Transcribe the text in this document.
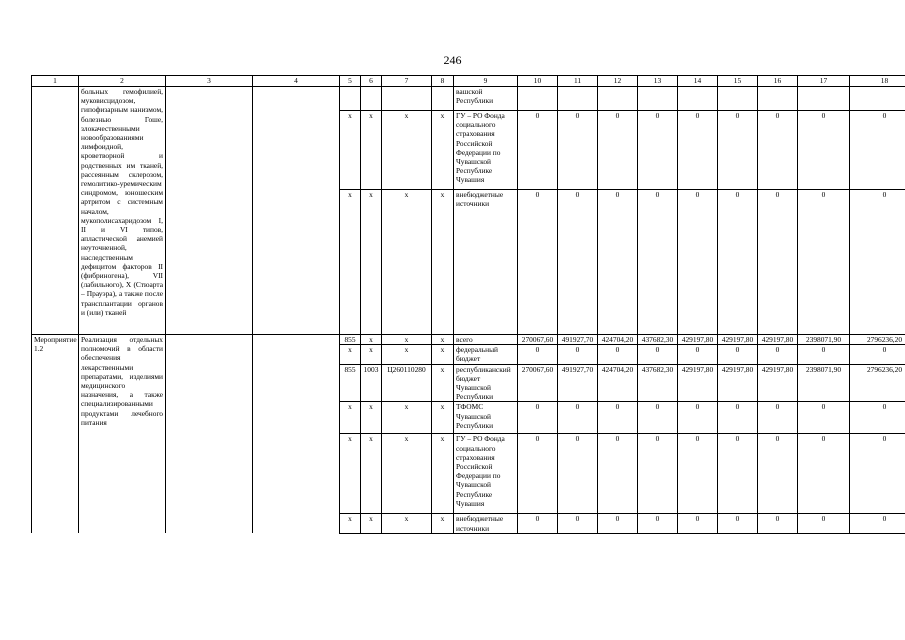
246
1	2	3	4	5	6	7	8	9	10	11	12	13	14	15	16	17	18
	больных гемофилией, муковисцидозом, гипофизарным нанизмом, болезнью Гоше, злокачественными новообразованиями лимфоидной, кроветворной и родственных им тканей, рассеянным склерозом, гемолитико-уремическим синдромом, юношеским артритом с системным началом, мукополисахаридозом I, II и VI типов, апластической анемией неуточненной, наследственным дефицитом факторов II (фибриногена), VII (лабильного), X (Стюарта – Прауэра), а также после трансплантации органов и (или) тканей							вашской Республики									
				x	x	x	x	ГУ – РО Фонда социального страхования Российской Федерации по Чувашской Республике Чувашия	0	0	0	0	0	0	0	0	0
				x	x	x	x	внебюджетные источники	0	0	0	0	0	0	0	0	0
Мероприятие 1.2	Реализация отдельных полномочий в области обеспечения лекарственными препаратами, изделиями медицинского назначения, а также специализированными продуктами лечебного питания			855	x	x	x	всего	270067,60	491927,70	424704,20	437682,30	429197,80	429197,80	429197,80	2398071,90	2796236,20
				x	x	x	x	федеральный бюджет	0	0	0	0	0	0	0	0	0
				855	1003	Ц260110280	x	республиканский бюджет Чувашской Республики	270067,60	491927,70	424704,20	437682,30	429197,80	429197,80	429197,80	2398071,90	2796236,20
				x	x	x	x	ТФОМС Чувашской Республики	0	0	0	0	0	0	0	0	0
				x	x	x	x	ГУ – РО Фонда социального страхования Российской Федерации по Чувашской Республике Чувашия	0	0	0	0	0	0	0	0	0
				x	x	x	x	внебюджетные источники	0	0	0	0	0	0	0	0	0
